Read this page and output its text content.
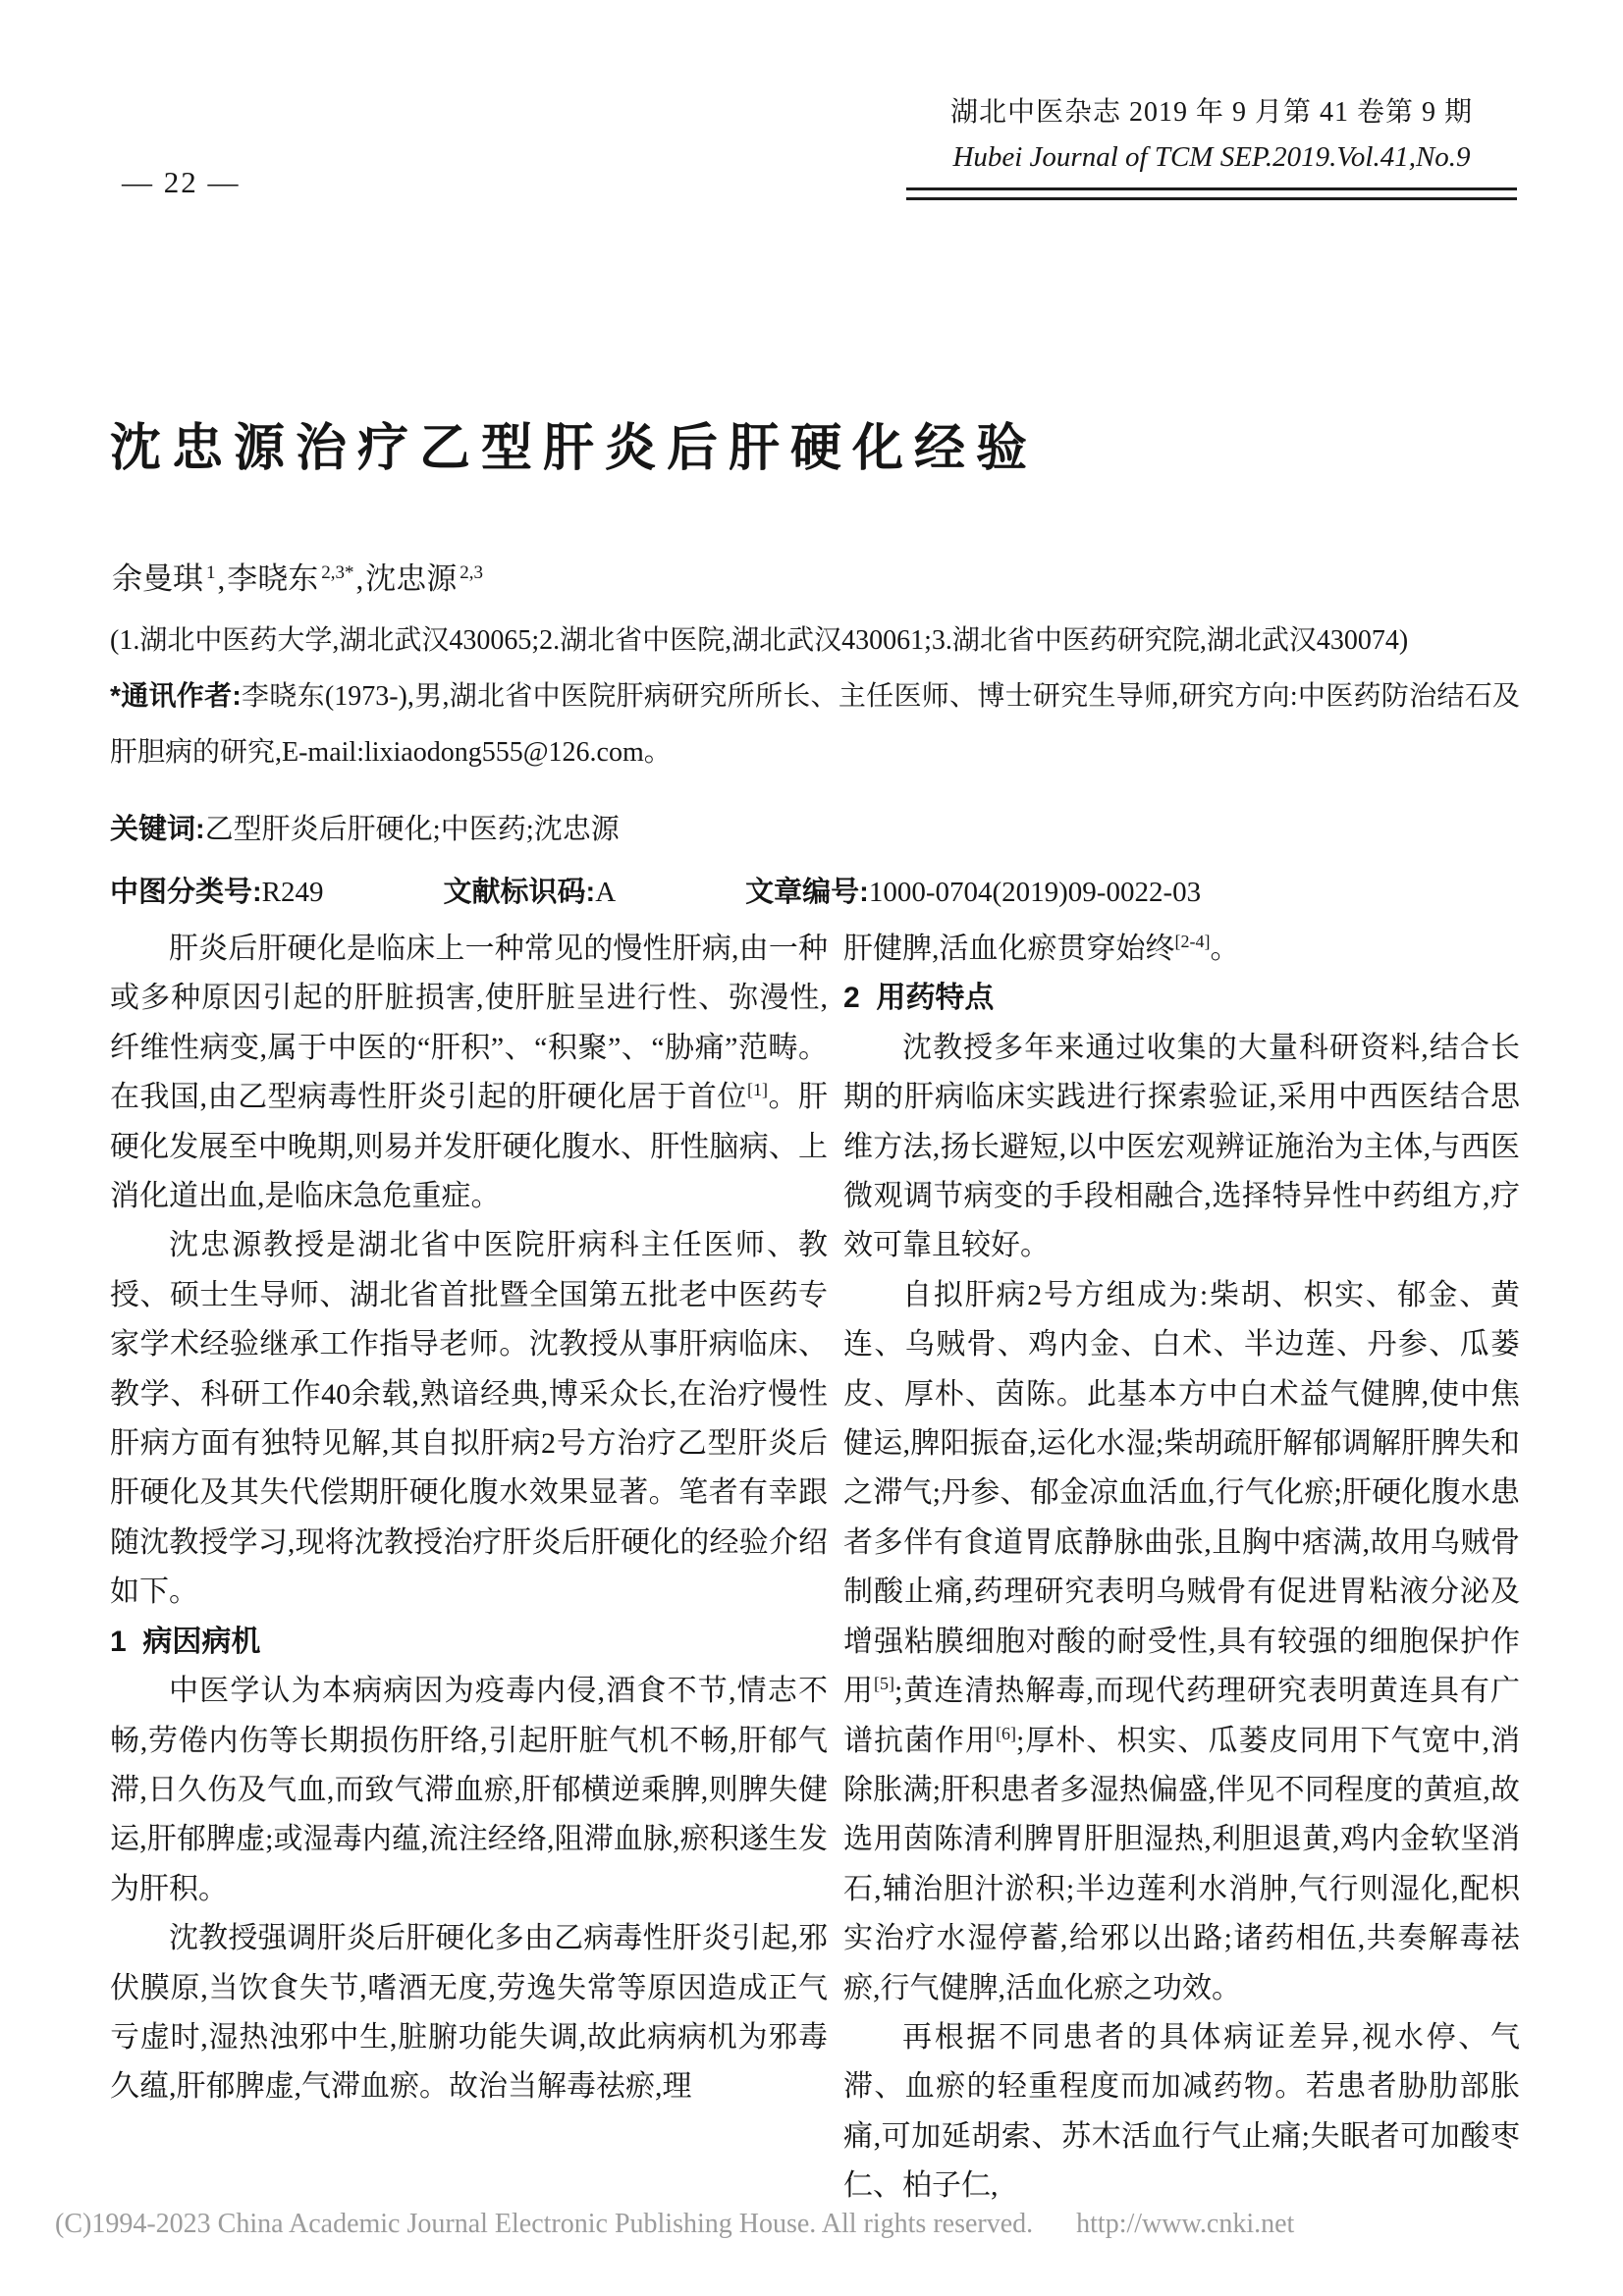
湖北中医杂志 2019 年 9 月第 41 卷第 9 期
Hubei Journal of TCM SEP.2019.Vol.41,No.9
— 22 —
沈忠源治疗乙型肝炎后肝硬化经验
余曼琪 $^1$,李晓东 $^{2,3*}$,沈忠源 $^{2,3}$
(1.湖北中医药大学,湖北武汉430065;2.湖北省中医院,湖北武汉430061;3.湖北省中医药研究院,湖北武汉430074)
*通讯作者:李晓东(1973-),男,湖北省中医院肝病研究所所长、主任医师、博士研究生导师,研究方向:中医药防治结石及肝胆病的研究,E-mail:lixiaodong555@126.com。
关键词:乙型肝炎后肝硬化;中医药;沈忠源
中图分类号:R249	文献标识码:A	文章编号:1000-0704(2019)09-0022-03
肝炎后肝硬化是临床上一种常见的慢性肝病,由一种或多种原因引起的肝脏损害,使肝脏呈进行性、弥漫性,纤维性病变,属于中医的“肝积”、“积聚”、“胁痛”范畴。在我国,由乙型病毒性肝炎引起的肝硬化居于首位[1]。肝硬化发展至中晚期,则易并发肝硬化腹水、肝性脑病、上消化道出血,是临床急危重症。
沈忠源教授是湖北省中医院肝病科主任医师、教授、硕士生导师、湖北省首批暨全国第五批老中医药专家学术经验继承工作指导老师。沈教授从事肝病临床、教学、科研工作40余载,熟谙经典,博采众长,在治疗慢性肝病方面有独特见解,其自拟肝病2号方治疗乙型肝炎后肝硬化及其失代偿期肝硬化腹水效果显著。笔者有幸跟随沈教授学习,现将沈教授治疗肝炎后肝硬化的经验介绍如下。
1  病因病机
中医学认为本病病因为疫毒内侵,酒食不节,情志不畅,劳倦内伤等长期损伤肝络,引起肝脏气机不畅,肝郁气滞,日久伤及气血,而致气滞血瘀,肝郁横逆乘脾,则脾失健运,肝郁脾虚;或湿毒内蕴,流注经络,阻滞血脉,瘀积遂生发为肝积。
沈教授强调肝炎后肝硬化多由乙病毒性肝炎引起,邪伏膜原,当饮食失节,嗜酒无度,劳逸失常等原因造成正气亏虚时,湿热浊邪中生,脏腑功能失调,故此病病机为邪毒久蕴,肝郁脾虚,气滞血瘀。故治当解毒祛瘀,理
肝健脾,活血化瘀贯穿始终[2-4]。
2  用药特点
沈教授多年来通过收集的大量科研资料,结合长期的肝病临床实践进行探索验证,采用中西医结合思维方法,扬长避短,以中医宏观辨证施治为主体,与西医微观调节病变的手段相融合,选择特异性中药组方,疗效可靠且较好。
自拟肝病2号方组成为:柴胡、枳实、郁金、黄连、乌贼骨、鸡内金、白术、半边莲、丹参、瓜蒌皮、厚朴、茵陈。此基本方中白术益气健脾,使中焦健运,脾阳振奋,运化水湿;柴胡疏肝解郁调解肝脾失和之滞气;丹参、郁金凉血活血,行气化瘀;肝硬化腹水患者多伴有食道胃底静脉曲张,且胸中痞满,故用乌贼骨制酸止痛,药理研究表明乌贼骨有促进胃粘液分泌及增强粘膜细胞对酸的耐受性,具有较强的细胞保护作用[5];黄连清热解毒,而现代药理研究表明黄连具有广谱抗菌作用[6];厚朴、枳实、瓜蒌皮同用下气宽中,消除胀满;肝积患者多湿热偏盛,伴见不同程度的黄疸,故选用茵陈清利脾胃肝胆湿热,利胆退黄,鸡内金软坚消石,辅治胆汁淤积;半边莲利水消肿,气行则湿化,配枳实治疗水湿停蓄,给邪以出路;诸药相伍,共奏解毒祛瘀,行气健脾,活血化瘀之功效。
再根据不同患者的具体病证差异,视水停、气滞、血瘀的轻重程度而加减药物。若患者胁肋部胀痛,可加延胡索、苏木活血行气止痛;失眠者可加酸枣仁、柏子仁,
(C)1994-2023 China Academic Journal Electronic Publishing House. All rights reserved. http://www.cnki.net
